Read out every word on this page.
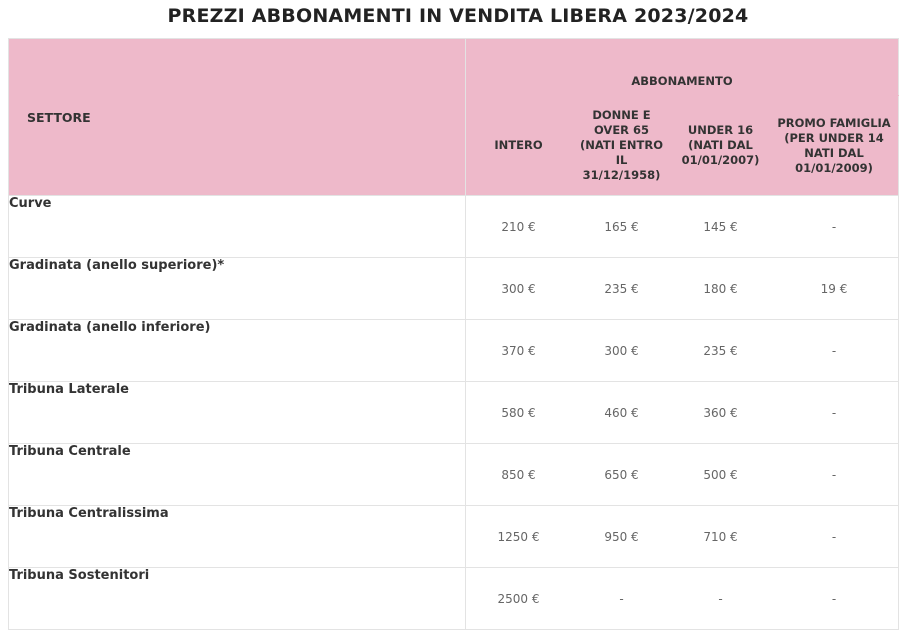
PREZZI ABBONAMENTI IN VENDITA LIBERA 2023/2024
SETTORE	ABBONAMENTO			
	INTERO	DONNE E OVER 65 (NATI ENTRO IL 31/12/1958)	UNDER 16 (NATI DAL 01/01/2007)	PROMO FAMIGLIA (PER UNDER 14 NATI DAL 01/01/2009)
Curve	210 €	165 €	145 €	-
Gradinata (anello superiore)*	300 €	235 €	180 €	19 €
Gradinata (anello inferiore)	370 €	300 €	235 €	-
Tribuna Laterale	580 €	460 €	360 €	-
Tribuna Centrale	850 €	650 €	500 €	-
Tribuna Centralissima	1250 €	950 €	710 €	-
Tribuna Sostenitori	2500 €	-	-	-
